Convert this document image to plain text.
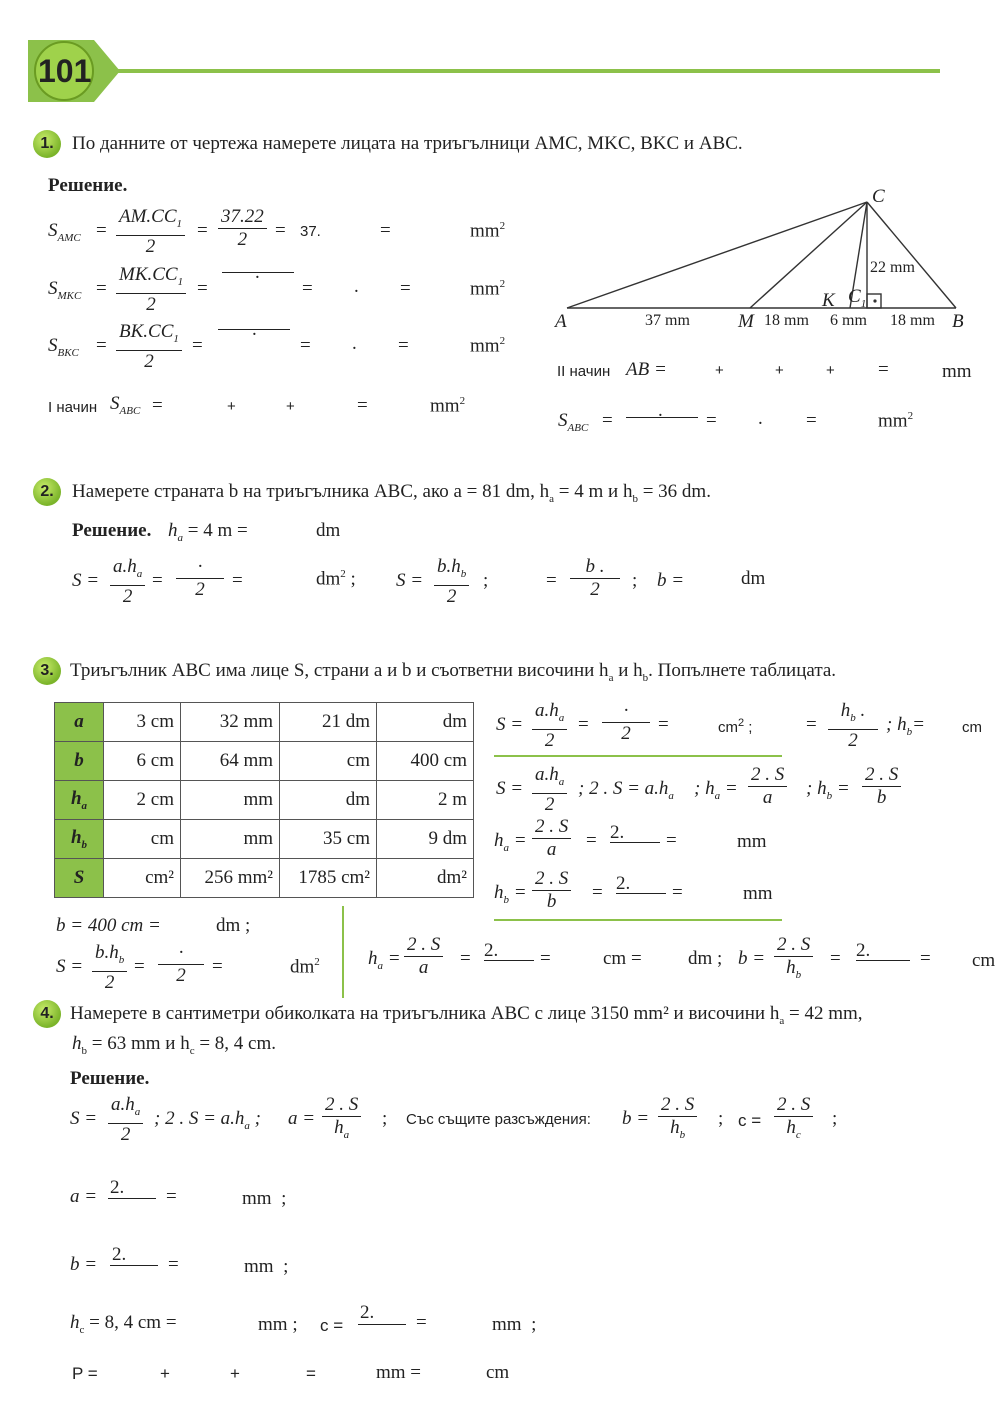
101
1. По данните от чертежа намерете лицата на триъгълници AMC, MKC, BKC и ABC.
Решение.
$S_{AMC} = \frac{AM.CC_1}{2} = \frac{37.22}{2} = 37$.	=	$mm^2$
$S_{MKC} = \frac{MK.CC_1}{2}$ =
.
= . =	$mm^2$
$S_{BKC} = \frac{BK.CC_1}{2}$ =
.
= . =	$mm^2$
I начин $S_{ABC}$ =	+	+	=	$mm^2$
C
A	M
K $C_1$
B
22 mm
37 mm	18 mm 6 mm 18 mm
II начин AB =	+	+	+ =	mm
$S_{ABC}$ = . = . =	$mm^2$
2. Намерете страната b на триъгълника ABC, ако a = 81 dm, $h_a = 4$ m и $h_b = 36$ dm.
Решение. $h_a = 4$ m =	dm
$S = \frac{a.h_a}{2}$ =
·
2	=	$dm^2$ ; $S = \frac{b.h_b}{2}$ ;	= $\frac{b .}{2}$ ; b =	dm
3. Триъгълник ABC има лице S, страни a и b и съответни височини $h_a$ и $h_b$. Попълнете таблицата.
a	3 cm	32 mm	21 dm	dm
b	6 cm	64 mm	cm	400 cm
$h_a$	2 cm	mm	dm	2 m
$h_b$	cm	mm	35 cm	9 dm
S	cm²	256 mm²	1785 cm²	dm²
$S = \frac{a.h_a}{2}$ =
·
2	=	$cm^2$ ;	= $\frac{h_b .}{2}$ ; $h_b=$ cm
$S = \frac{a.h_a}{2}$ ; 2 . $S = a.h_a$ ; $h_a = \frac{2 . S}{a}$ ; $h_b = \frac{2 . S}{b}$
$h_a = \frac{2 . S}{a} = 2$. =	mm
$h_b = \frac{2 . S}{b} = 2$. =	mm
b = 400 cm =	dm ;
$S = \frac{b.h_b}{2}$ =
·
2	=	$dm^2$	$h_a = \frac{2 . S}{a} = 2$. =	cm = dm ; $b = \frac{2 . S}{h_b} = 2$.	= cm
4. Намерете в сантиметри обиколката на триъгълника ABC с лице 3150 mm² и височини $h_a = 42$ mm,
$h_b = 63$ mm и $h_c = 8$, 4 cm.
Решение.
$S = \frac{a.h_a}{2}$ ; 2 . $S = a.h_a$ ; $a = \frac{2 . S}{h_a}$ ; Със същите разсъждения: $b = \frac{2 . S}{h_b}$ ; $c = \frac{2 . S}{h_c}$ ;
a = 2. =	mm ;
b = 2. =	mm ;
$h_c = 8$, 4 cm =	mm ; c =
2. =	mm ;
P =	+	+	=	mm =	cm
